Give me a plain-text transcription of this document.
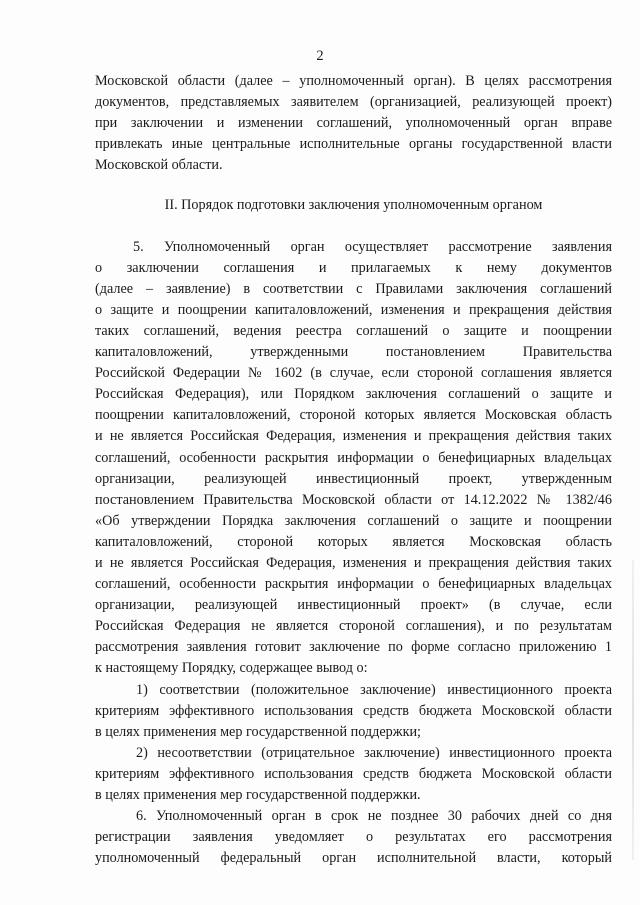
2
Московской области (далее – уполномоченный орган). В целях рассмотрения
документов, представляемых заявителем (организацией, реализующей проект)
при заключении и изменении соглашений, уполномоченный орган вправе
привлекать иные центральные исполнительные органы государственной власти
Московской области.
II. Порядок подготовки заключения уполномоченным органом
5. Уполномоченный орган осуществляет рассмотрение заявления
о заключении соглашения и прилагаемых к нему документов
(далее – заявление) в соответствии с Правилами заключения соглашений
о защите и поощрении капиталовложений, изменения и прекращения действия
таких соглашений, ведения реестра соглашений о защите и поощрении
капиталовложений, утвержденными постановлением Правительства
Российской Федерации № 1602 (в случае, если стороной соглашения является
Российская Федерация), или Порядком заключения соглашений о защите и
поощрении капиталовложений, стороной которых является Московская область
и не является Российская Федерация, изменения и прекращения действия таких
соглашений, особенности раскрытия информации о бенефициарных владельцах
организации, реализующей инвестиционный проект, утвержденным
постановлением Правительства Московской области от 14.12.2022 № 1382/46
«Об утверждении Порядка заключения соглашений о защите и поощрении
капиталовложений, стороной которых является Московская область
и не является Российская Федерация, изменения и прекращения действия таких
соглашений, особенности раскрытия информации о бенефициарных владельцах
организации, реализующей инвестиционный проект» (в случае, если
Российская Федерация не является стороной соглашения), и по результатам
рассмотрения заявления готовит заключение по форме согласно приложению 1
к настоящему Порядку, содержащее вывод о:
1) соответствии (положительное заключение) инвестиционного проекта
критериям эффективного использования средств бюджета Московской области
в целях применения мер государственной поддержки;
2) несоответствии (отрицательное заключение) инвестиционного проекта
критериям эффективного использования средств бюджета Московской области
в целях применения мер государственной поддержки.
6. Уполномоченный орган в срок не позднее 30 рабочих дней со дня
регистрации заявления уведомляет о результатах его рассмотрения
уполномоченный федеральный орган исполнительной власти, который
